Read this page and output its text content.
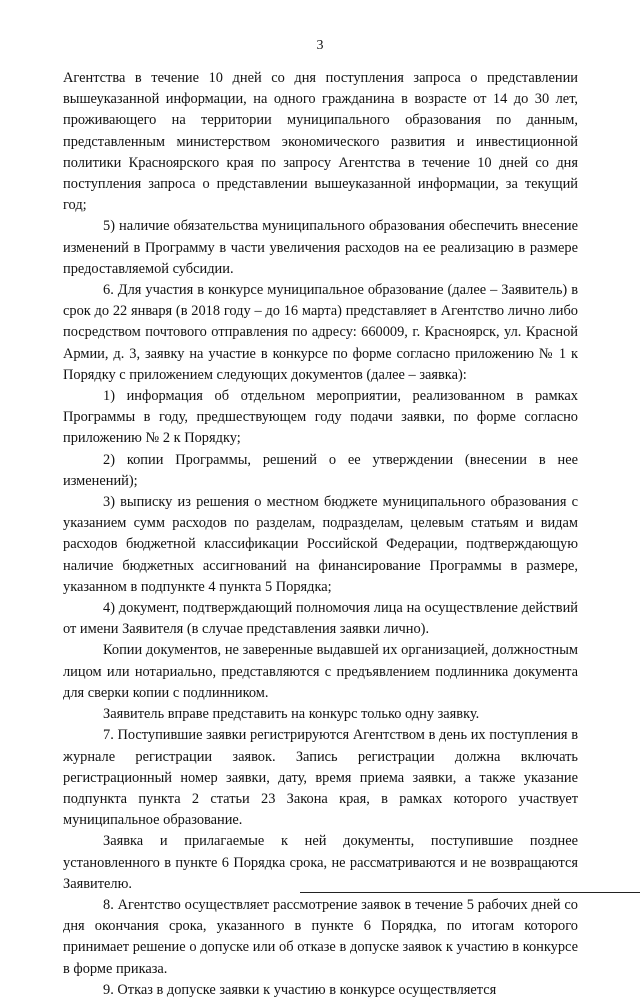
3

Агентства в течение 10 дней со дня поступления запроса о представлении вышеуказанной информации, на одного гражданина в возрасте от 14 до 30 лет, проживающего на территории муниципального образования по данным, представленным министерством экономического развития и инвестиционной политики Красноярского края по запросу Агентства в течение 10 дней со дня поступления запроса о представлении вышеуказанной информации, за текущий год;

5) наличие обязательства муниципального образования обеспечить внесение изменений в Программу в части увеличения расходов на ее реализацию в размере предоставляемой субсидии.

6. Для участия в конкурсе муниципальное образование (далее – Заявитель) в срок до 22 января (в 2018 году – до 16 марта) представляет в Агентство лично либо посредством почтового отправления по адресу: 660009, г. Красноярск, ул. Красной Армии, д. 3, заявку на участие в конкурсе по форме согласно приложению № 1 к Порядку с приложением следующих документов (далее – заявка):

1) информация об отдельном мероприятии, реализованном в рамках Программы в году, предшествующем году подачи заявки, по форме согласно приложению № 2 к Порядку;

2) копии Программы, решений о ее утверждении (внесении в нее изменений);

3) выписку из решения о местном бюджете муниципального образования с указанием сумм расходов по разделам, подразделам, целевым статьям и видам расходов бюджетной классификации Российской Федерации, подтверждающую наличие бюджетных ассигнований на финансирование Программы в размере, указанном в подпункте 4 пункта 5 Порядка;

4) документ, подтверждающий полномочия лица на осуществление действий от имени Заявителя (в случае представления заявки лично).

Копии документов, не заверенные выдавшей их организацией, должностным лицом или нотариально, представляются с предъявлением подлинника документа для сверки копии с подлинником.

Заявитель вправе представить на конкурс только одну заявку.

7. Поступившие заявки регистрируются Агентством в день их поступления в журнале регистрации заявок. Запись регистрации должна включать регистрационный номер заявки, дату, время приема заявки, а также указание подпункта пункта 2 статьи 23 Закона края, в рамках которого участвует муниципальное образование.

Заявка и прилагаемые к ней документы, поступившие позднее установленного в пункте 6 Порядка срока, не рассматриваются и не возвращаются Заявителю.

8. Агентство осуществляет рассмотрение заявок в течение 5 рабочих дней со дня окончания срока, указанного в пункте 6 Порядка, по итогам которого принимает решение о допуске или об отказе в допуске заявок к участию в конкурсе в форме приказа.

9. Отказ в допуске заявки к участию в конкурсе осуществляется
